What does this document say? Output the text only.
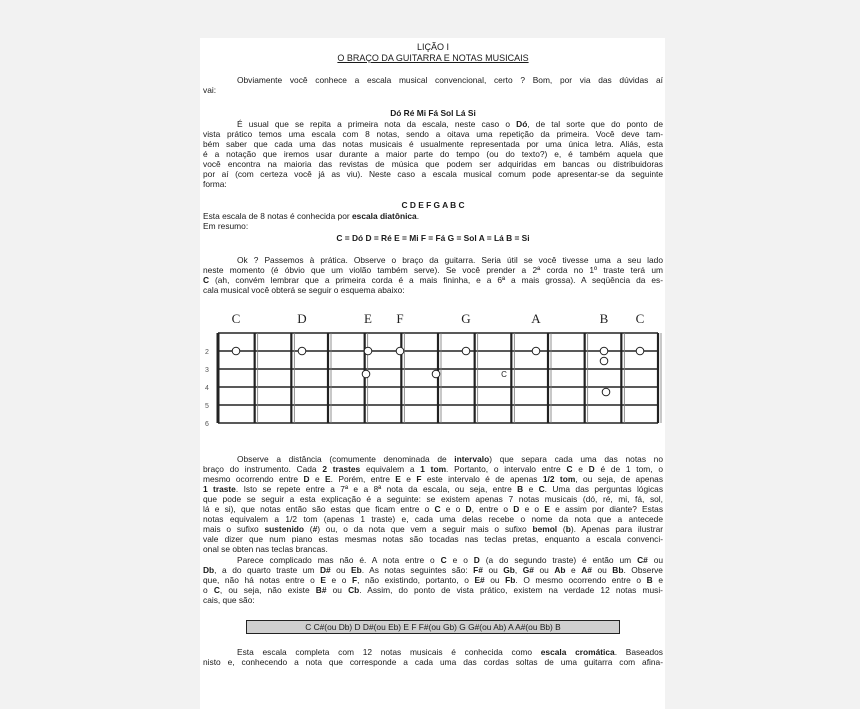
LIÇÃO I
O BRAÇO DA GUITARRA E NOTAS MUSICAIS
Obviamente você conhece a escala musical convencional, certo ? Bom, por via das dúvidas aí
vai:
Dó Ré Mi Fá Sol Lá Si
É usual que se repita a primeira nota da escala, neste caso o Dó, de tal sorte que do ponto de
vista prático temos uma escala com 8 notas, sendo a oitava uma repetição da primeira. Você deve tam-
bém saber que cada uma das notas musicais é usualmente representada por uma única letra. Aliás, esta
é a notação que iremos usar durante a maior parte do tempo (ou do texto?) e, é também aquela que
você encontra na maioria das revistas de música que podem ser adquiridas em bancas ou distribuidoras
por aí (com certeza você já as viu). Neste caso a escala musical comum pode apresentar-se da seguinte
forma:
C D E F G A B C
Esta escala de 8 notas é conhecida por escala diatônica.
Em resumo:
C = Dó D = Ré E = Mi F = Fá G = Sol A = Lá B = Si
Ok ? Passemos à prática. Observe o braço da guitarra. Seria útil se você tivesse uma a seu lado
neste momento (é óbvio que um violão também serve). Se você prender a 2ª corda no 1º traste terá um
C (ah, convém lembrar que a primeira corda é a mais fininha, e a 6ª a mais grossa). A seqüência da es-
cala musical você obterá se seguir o esquema abaixo:
C	D	E F	G	A	B C
2
3
4
5
6
C
Observe a distância (comumente denominada de intervalo) que separa cada uma das notas no
braço do instrumento. Cada 2 trastes equivalem a 1 tom. Portanto, o intervalo entre C e D é de 1 tom, o
mesmo ocorrendo entre D e E. Porém, entre E e F este intervalo é de apenas 1/2 tom, ou seja, de apenas
1 traste. Isto se repete entre a 7ª e a 8ª nota da escala, ou seja, entre B e C. Uma das perguntas lógicas
que pode se seguir a esta explicação é a seguinte: se existem apenas 7 notas musicais (dó, ré, mi, fá, sol,
lá e si), que notas então são estas que ficam entre o C e o D, entre o D e o E e assim por diante? Estas
notas equivalem a 1/2 tom (apenas 1 traste) e, cada uma delas recebe o nome da nota que a antecede
mais o sufixo sustenido (#) ou, o da nota que vem a seguir mais o sufixo bemol (b). Apenas para ilustrar
vale dizer que num piano estas mesmas notas são tocadas nas teclas pretas, enquanto a escala convenci-
onal se obten nas teclas brancas.
Parece complicado mas não é. A nota entre o C e o D (a do segundo traste) é então um C# ou
Db, a do quarto traste um D# ou Eb. As notas seguintes são: F# ou Gb, G# ou Ab e A# ou Bb. Observe
que, não há notas entre o E e o F, não existindo, portanto, o E# ou Fb. O mesmo ocorrendo entre o B e
o C, ou seja, não existe B# ou Cb. Assim, do ponto de vista prático, existem na verdade 12 notas musi-
cais, que são:
C C#(ou Db) D D#(ou Eb) E F F#(ou Gb) G G#(ou Ab) A A#(ou Bb) B
Esta escala completa com 12 notas musicais é conhecida como escala cromática. Baseados
nisto e, conhecendo a nota que corresponde a cada uma das cordas soltas de uma guitarra com afina-
